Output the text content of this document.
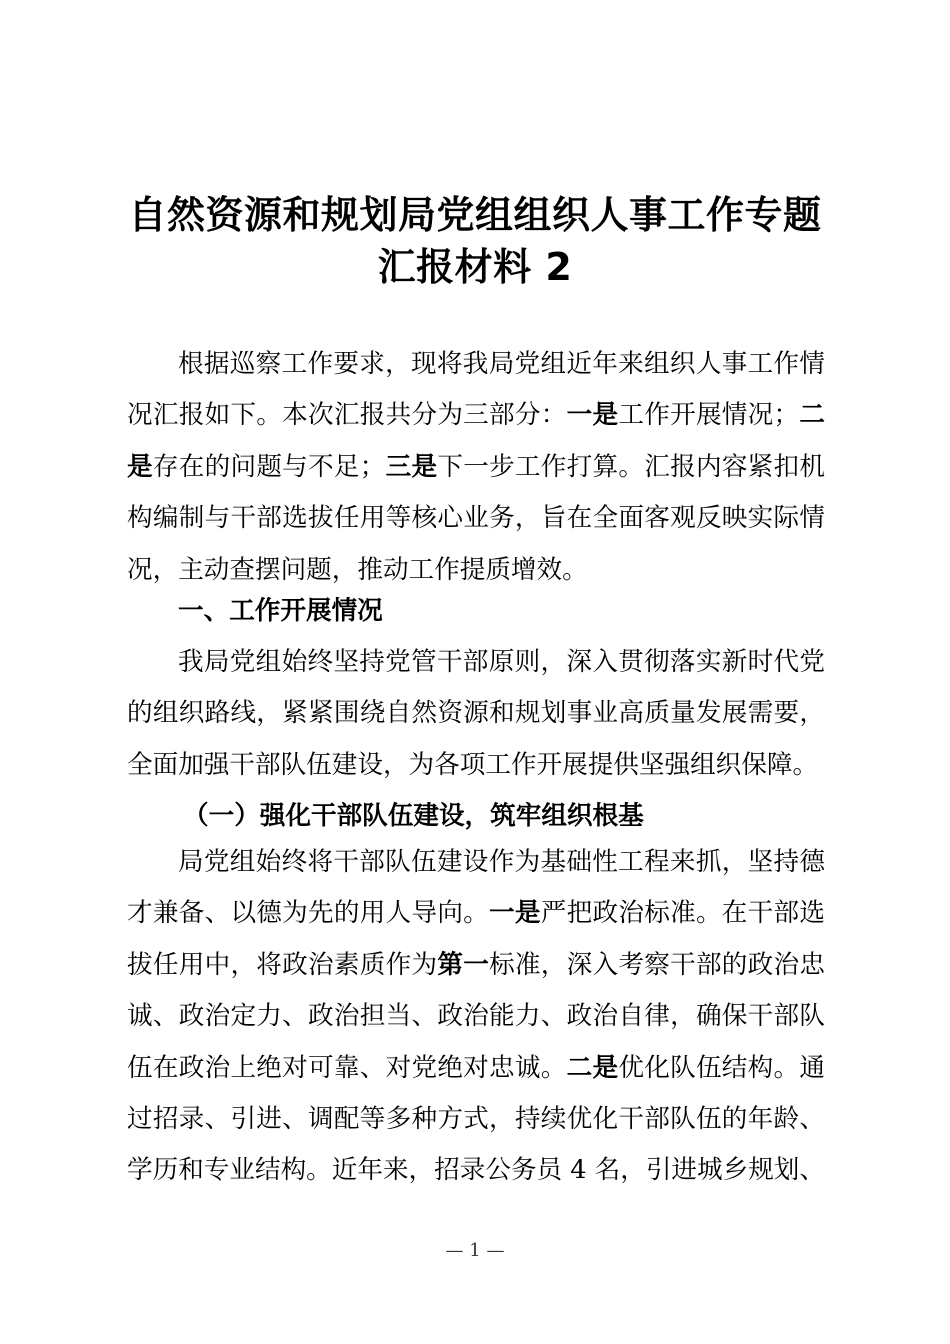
自然资源和规划局党组组织人事工作专题
汇报材料 2

根据巡察工作要求，现将我局党组近年来组织人事工作情况汇报如下。本次汇报共分为三部分：一是工作开展情况；二是存在的问题与不足；三是下一步工作打算。汇报内容紧扣机构编制与干部选拔任用等核心业务，旨在全面客观反映实际情况，主动查摆问题，推动工作提质增效。

一、工作开展情况

我局党组始终坚持党管干部原则，深入贯彻落实新时代党的组织路线，紧紧围绕自然资源和规划事业高质量发展需要，全面加强干部队伍建设，为各项工作开展提供坚强组织保障。

（一）强化干部队伍建设，筑牢组织根基

局党组始终将干部队伍建设作为基础性工程来抓，坚持德才兼备、以德为先的用人导向。一是严把政治标准。在干部选拔任用中，将政治素质作为第一标准，深入考察干部的政治忠诚、政治定力、政治担当、政治能力、政治自律，确保干部队伍在政治上绝对可靠、对党绝对忠诚。二是优化队伍结构。通过招录、引进、调配等多种方式，持续优化干部队伍的年龄、学历和专业结构。近年来，招录公务员 4 名，引进城乡规划、

— 1 —
